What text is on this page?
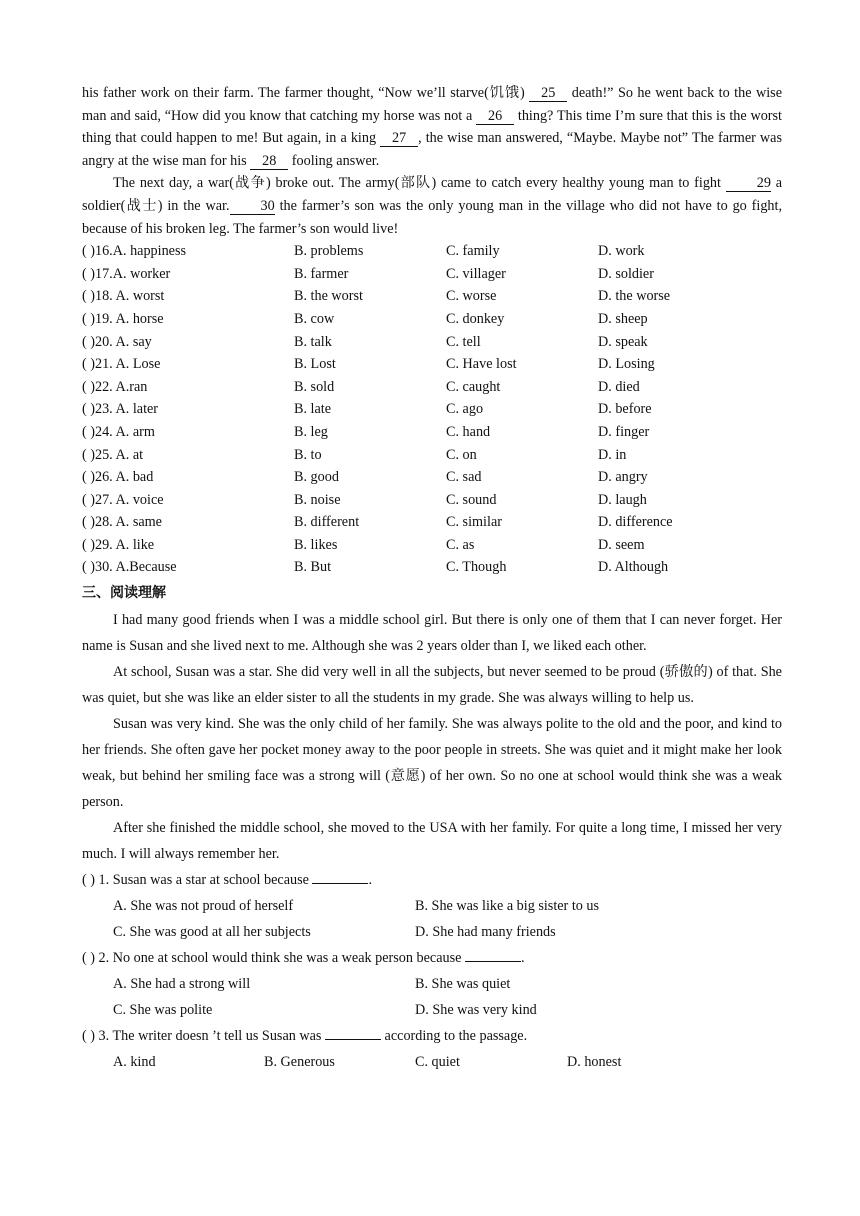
his father work on their farm. The farmer thought, “Now we’ll starve(饥饿) 25 death!” So he went back to the wise man and said, “How did you know that catching my horse was not a 26 thing? This time I’m sure that this is the worst thing that could happen to me! But again, in a king 27 , the wise man answered, “Maybe. Maybe not” The farmer was angry at the wise man for his 28 fooling answer.

The next day, a war(战争) broke out. The army(部队) came to catch every healthy young man to fight 29 a soldier(战士) in the war. 30 the farmer’s son was the only young man in the village who did not have to go fight, because of his broken leg. The farmer’s son would live!

( )16.A. happiness	B. problems	C. family	D. work
( )17.A. worker	B. farmer	C. villager	D. soldier
( )18. A. worst	B. the worst	C. worse	D. the worse
( )19. A. horse	B. cow	C. donkey	D. sheep
( )20. A. say	B. talk	C. tell	D. speak
( )21. A. Lose	B. Lost	C. Have lost	D. Losing
( )22. A.ran	B. sold	C. caught	D. died
( )23. A. later	B. late	C. ago	D. before
( )24. A. arm	B. leg	C. hand	D. finger
( )25. A. at	B. to	C. on	D. in
( )26. A. bad	B. good	C. sad	D. angry
( )27. A. voice	B. noise	C. sound	D. laugh
( )28. A. same	B. different	C. similar	D. difference
( )29. A. like	B. likes	C. as	D. seem
( )30. A.Because	B. But	C. Though	D. Although
三、阅读理解

I had many good friends when I was a middle school girl. But there is only one of them that I can never forget. Her name is Susan and she lived next to me. Although she was 2 years older than I, we liked each other.

At school, Susan was a star. She did very well in all the subjects, but never seemed to be proud (骄傲的) of that. She was quiet, but she was like an elder sister to all the students in my grade. She was always willing to help us.

Susan was very kind. She was the only child of her family. She was always polite to the old and the poor, and kind to her friends. She often gave her pocket money away to the poor people in streets. She was quiet and it might make her look weak, but behind her smiling face was a strong will (意愿) of her own. So no one at school would think she was a weak person.

After she finished the middle school, she moved to the USA with her family. For quite a long time, I missed her very much. I will always remember her.

( ) 1. Susan was a star at school because	.
A. She was not proud of herself	B. She was like a big sister to us
C. She was good at all her subjects	D. She had many friends
( ) 2. No one at school would think she was a weak person because	.
A. She had a strong will	B. She was quiet
C. She was polite	D. She was very kind
( ) 3. The writer doesn ’t tell us Susan was	according to the passage.
A. kind	B. Generous	C. quiet	D. honest
